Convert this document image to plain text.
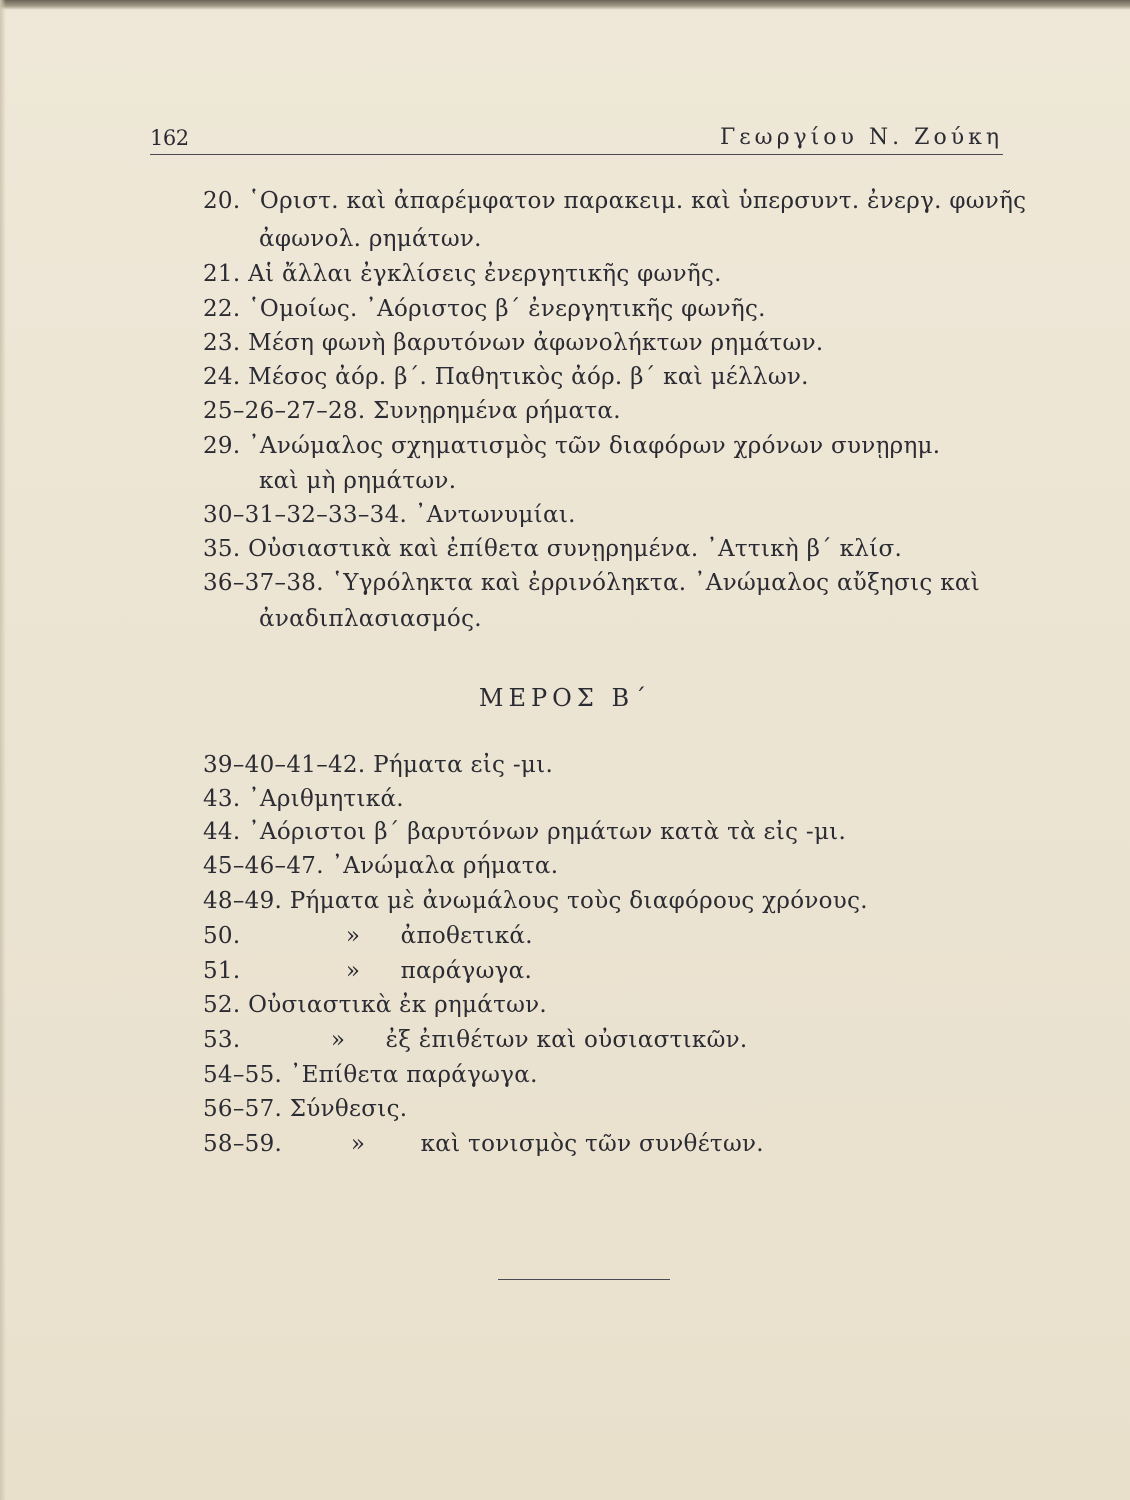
162	Γεωργίου Ν. Ζούκη
20. ῾Οριστ. καὶ ἀπαρέμφατον παρακειμ. καὶ ὑπερσυντ. ἐνεργ. φωνῆς
ἀφωνολ. ρημάτων.
21. Αἱ ἄλλαι ἐγκλίσεις ἐνεργητικῆς φωνῆς.
22. ῾Ομοίως. ᾿Αόριστος β΄ ἐνεργητικῆς φωνῆς.
23. Μέση φωνὴ βαρυτόνων ἀφωνολήκτων ρημάτων.
24. Μέσος ἀόρ. β΄. Παθητικὸς ἀόρ. β΄ καὶ μέλλων.
25–26–27–28. Συνῃρημένα ρήματα.
29. ᾿Ανώμαλος σχηματισμὸς τῶν διαφόρων χρόνων συνῃρημ.
καὶ μὴ ρημάτων.
30–31–32–33–34. ᾿Αντωνυμίαι.
35. Οὐσιαστικὰ καὶ ἐπίθετα συνῃρημένα. ᾿Αττικὴ β΄ κλίσ.
36–37–38. ῾Υγρόληκτα καὶ ἐρρινόληκτα. ᾿Ανώμαλος αὔξησις καὶ
ἀναδιπλασιασμός.
39–40–41–42. Ρήματα εἰς -μι.
43. ᾿Αριθμητικά.
44. ᾿Αόριστοι β΄ βαρυτόνων ρημάτων κατὰ τὰ εἰς -μι.
45–46–47. ᾿Ανώμαλα ρήματα.
48–49. Ρήματα μὲ ἀνωμάλους τοὺς διαφόρους χρόνους.
50.	» ἀποθετικά.
51.	» παράγωγα.
52. Οὐσιαστικὰ ἐκ ρημάτων.
53.	» ἐξ ἐπιθέτων καὶ οὐσιαστικῶν.
54–55. ᾿Επίθετα παράγωγα.
56–57. Σύνθεσις.
58–59.	» καὶ τονισμὸς τῶν συνθέτων.
ΜΕΡΟΣ Β΄
